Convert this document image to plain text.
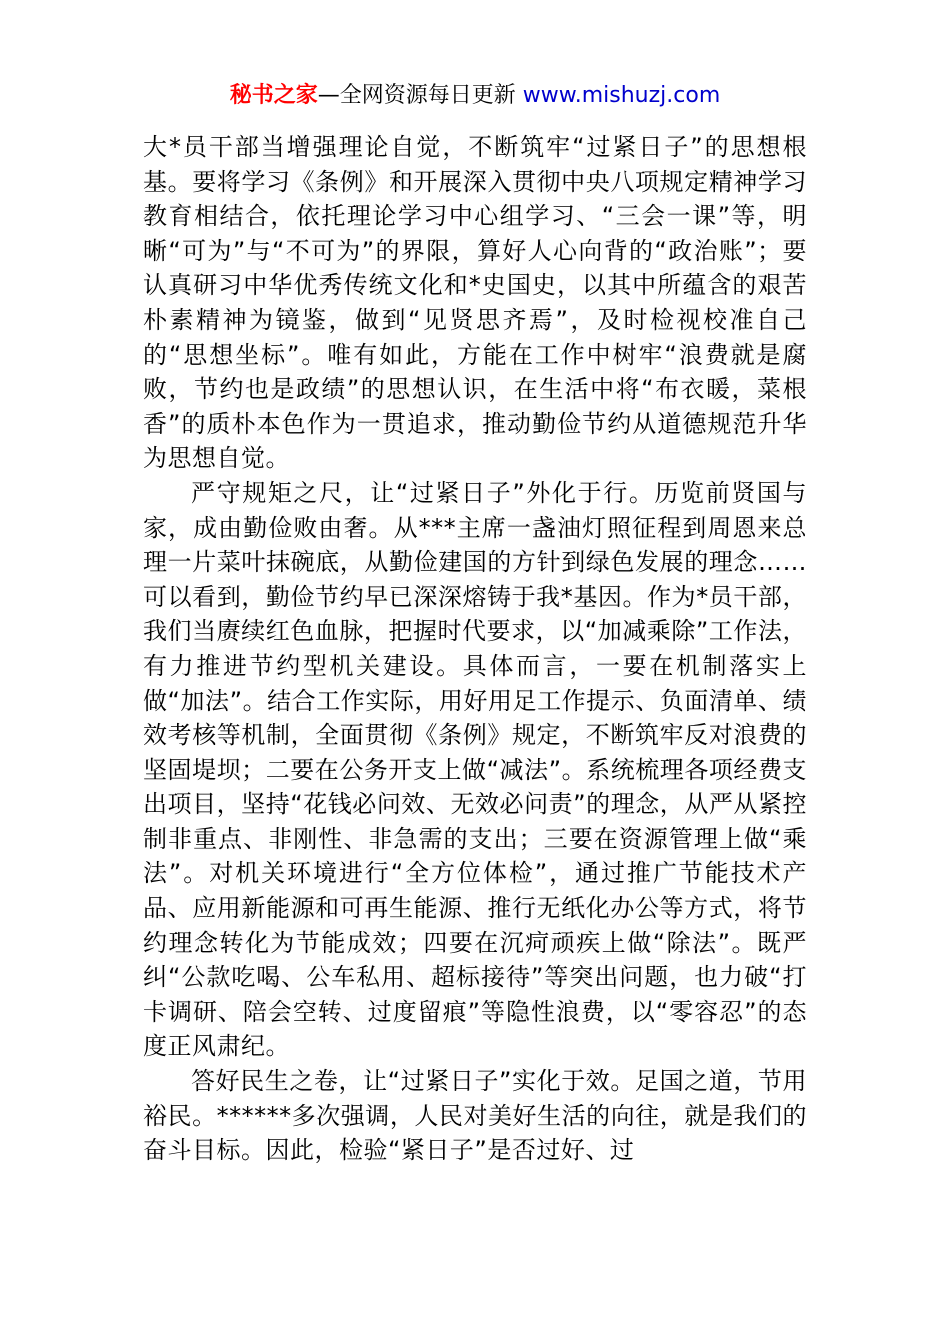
秘书之家—全网资源每日更新 www.mishuzj.com

大*员干部当增强理论自觉，不断筑牢“过紧日子”的思想根基。要将学习《条例》和开展深入贯彻中央八项规定精神学习教育相结合，依托理论学习中心组学习、“三会一课”等，明晰“可为”与“不可为”的界限，算好人心向背的“政治账”；要认真研习中华优秀传统文化和*史国史，以其中所蕴含的艰苦朴素精神为镜鉴，做到“见贤思齐焉”，及时检视校准自己的“思想坐标”。唯有如此，方能在工作中树牢“浪费就是腐败，节约也是政绩”的思想认识，在生活中将“布衣暖，菜根香”的质朴本色作为一贯追求，推动勤俭节约从道德规范升华为思想自觉。

严守规矩之尺，让“过紧日子”外化于行。历览前贤国与家，成由勤俭败由奢。从***主席一盏油灯照征程到周恩来总理一片菜叶抹碗底，从勤俭建国的方针到绿色发展的理念……可以看到，勤俭节约早已深深熔铸于我*基因。作为*员干部，我们当赓续红色血脉，把握时代要求，以“加减乘除”工作法，有力推进节约型机关建设。具体而言，一要在机制落实上做“加法”。结合工作实际，用好用足工作提示、负面清单、绩效考核等机制，全面贯彻《条例》规定，不断筑牢反对浪费的坚固堤坝；二要在公务开支上做“减法”。系统梳理各项经费支出项目，坚持“花钱必问效、无效必问责”的理念，从严从紧控制非重点、非刚性、非急需的支出；三要在资源管理上做“乘法”。对机关环境进行“全方位体检”，通过推广节能技术产品、应用新能源和可再生能源、推行无纸化办公等方式，将节约理念转化为节能成效；四要在沉疴顽疾上做“除法”。既严纠“公款吃喝、公车私用、超标接待”等突出问题，也力破“打卡调研、陪会空转、过度留痕”等隐性浪费，以“零容忍”的态度正风肃纪。

答好民生之卷，让“过紧日子”实化于效。足国之道，节用裕民。******多次强调，人民对美好生活的向往，就是我们的奋斗目标。因此，检验“紧日子”是否过好、过
